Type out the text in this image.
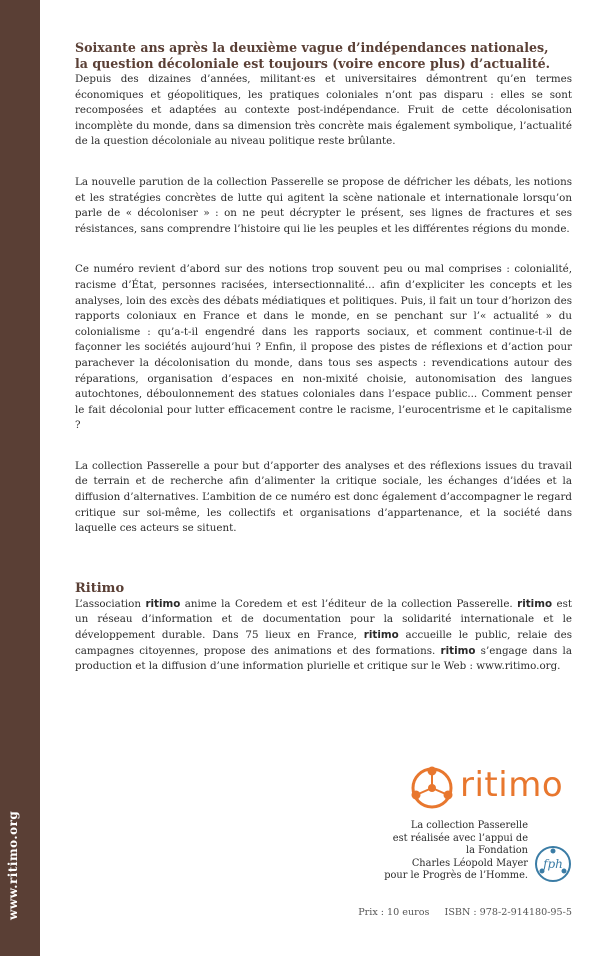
www.ritimo.org
Soixante ans après la deuxième vague d’indépendances nationales,
la question décoloniale est toujours (voire encore plus) d’actualité.

Depuis des dizaines d’années, militant·es et universitaires démontrent qu’en termes économiques et géopolitiques, les pratiques coloniales n’ont pas disparu : elles se sont recomposées et adaptées au contexte post-indépendance. Fruit de cette décolonisation incomplète du monde, dans sa dimension très concrète mais également symbolique, l’actualité de la question décoloniale au niveau politique reste brûlante.

La nouvelle parution de la collection Passerelle se propose de défricher les débats, les notions et les stratégies concrètes de lutte qui agitent la scène nationale et internationale lorsqu’on parle de « décoloniser » : on ne peut décrypter le présent, ses lignes de fractures et ses résistances, sans comprendre l’histoire qui lie les peuples et les différentes régions du monde.

Ce numéro revient d’abord sur des notions trop souvent peu ou mal comprises : colonialité, racisme d’État, personnes racisées, intersectionnalité... afin d’expliciter les concepts et les analyses, loin des excès des débats médiatiques et politiques. Puis, il fait un tour d’horizon des rapports coloniaux en France et dans le monde, en se penchant sur l’« actualité » du colonialisme : qu’a-t-il engendré dans les rapports sociaux, et comment continue-t-il de façonner les sociétés aujourd’hui ? Enfin, il propose des pistes de réflexions et d’action pour parachever la décolonisation du monde, dans tous ses aspects : revendications autour des réparations, organisation d’espaces en non-mixité choisie, autonomisation des langues autochtones, déboulonnement des statues coloniales dans l’espace public... Comment penser le fait décolonial pour lutter efficacement contre le racisme, l’eurocentrisme et le capitalisme ?

La collection Passerelle a pour but d’apporter des analyses et des réflexions issues du travail de terrain et de recherche afin d’alimenter la critique sociale, les échanges d’idées et la diffusion d’alternatives. L’ambition de ce numéro est donc également d’accompagner le regard critique sur soi-même, les collectifs et organisations d’appartenance, et la société dans laquelle ces acteurs se situent.

Ritimo

L’association ritimo anime la Coredem et est l’éditeur de la collection Passerelle. ritimo est un réseau d’information et de documentation pour la solidarité internationale et le développement durable. Dans 75 lieux en France, ritimo accueille le public, relaie des campagnes citoyennes, propose des animations et des formations. ritimo s’engage dans la production et la diffusion d’une information plurielle et critique sur le Web : www.ritimo.org.

ritimo
La collection Passerelle
est réalisée avec l’appui de
la Fondation
Charles Léopold Mayer
pour le Progrès de l’Homme.
fph
Prix : 10 euros ISBN : 978-2-914180-95-5
